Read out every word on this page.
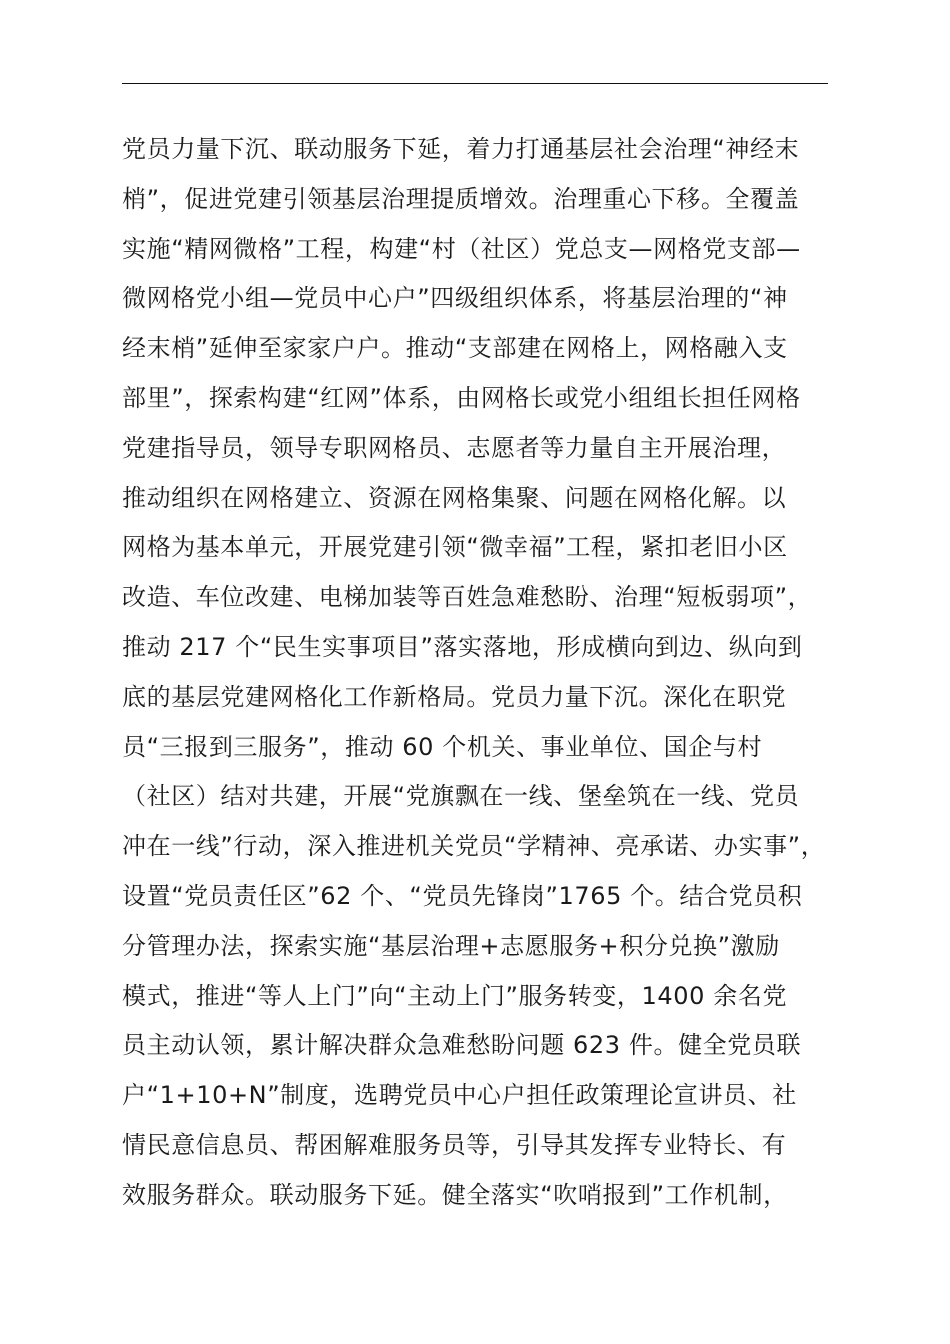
党员力量下沉、联动服务下延，着力打通基层社会治理“神经末
梢”，促进党建引领基层治理提质增效。治理重心下移。全覆盖
实施“精网微格”工程，构建“村（社区）党总支—网格党支部—
微网格党小组—党员中心户”四级组织体系，将基层治理的“神
经末梢”延伸至家家户户。推动“支部建在网格上，网格融入支
部里”，探索构建“红网”体系，由网格长或党小组组长担任网格
党建指导员，领导专职网格员、志愿者等力量自主开展治理，
推动组织在网格建立、资源在网格集聚、问题在网格化解。以
网格为基本单元，开展党建引领“微幸福”工程，紧扣老旧小区
改造、车位改建、电梯加装等百姓急难愁盼、治理“短板弱项”，
推动 217 个“民生实事项目”落实落地，形成横向到边、纵向到
底的基层党建网格化工作新格局。党员力量下沉。深化在职党
员“三报到三服务”，推动 60 个机关、事业单位、国企与村
（社区）结对共建，开展“党旗飘在一线、堡垒筑在一线、党员
冲在一线”行动，深入推进机关党员“学精神、亮承诺、办实事”，
设置“党员责任区”62 个、“党员先锋岗”1765 个。结合党员积
分管理办法，探索实施“基层治理+志愿服务+积分兑换”激励
模式，推进“等人上门”向“主动上门”服务转变，1400 余名党
员主动认领，累计解决群众急难愁盼问题 623 件。健全党员联
户“1+10+N”制度，选聘党员中心户担任政策理论宣讲员、社
情民意信息员、帮困解难服务员等，引导其发挥专业特长、有
效服务群众。联动服务下延。健全落实“吹哨报到”工作机制，
